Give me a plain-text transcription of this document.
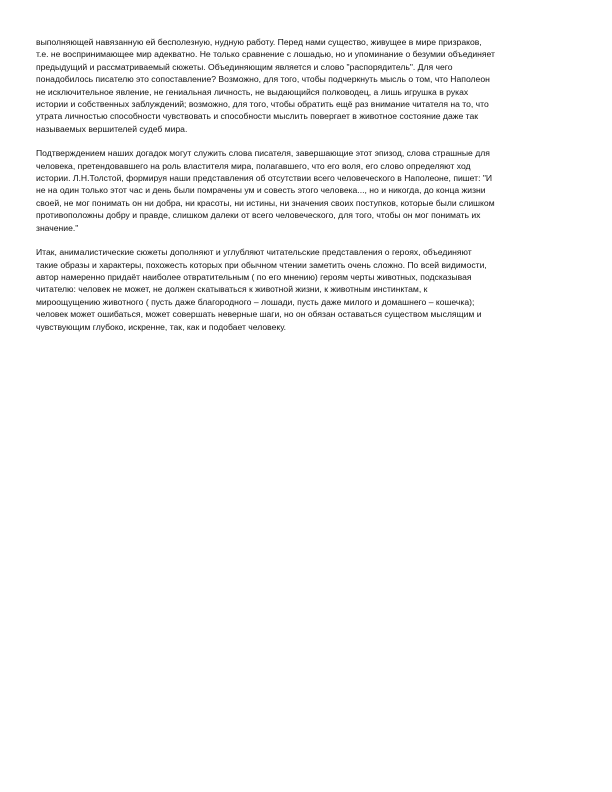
выполняющей навязанную ей бесполезную, нудную работу. Перед нами существо, живущее в мире призраков,
т.е. не воспринимающее мир адекватно. Не только сравнение с лошадью, но и упоминание о безумии объединяет
предыдущий и рассматриваемый сюжеты. Объединяющим является и слово "распорядитель". Для чего
понадобилось писателю это сопоставление? Возможно, для того, чтобы подчеркнуть мысль о том, что Наполеон
не исключительное явление, не гениальная личность, не выдающийся полководец, а лишь игрушка в руках
истории и собственных заблуждений; возможно, для того, чтобы обратить ещё раз внимание читателя на то, что
утрата личностью способности чувствовать и способности мыслить повергает в животное состояние даже так
называемых вершителей судеб мира.

Подтверждением наших догадок могут служить слова писателя, завершающие этот эпизод, слова страшные для
человека, претендовавшего на роль властителя мира, полагавшего, что его воля, его слово определяют ход
истории. Л.Н.Толстой, формируя наши представления об отсутствии всего человеческого в Наполеоне, пишет: "И
не на один только этот час и день были помрачены ум и совесть этого человека..., но и никогда, до конца жизни
своей, не мог понимать он ни добра, ни красоты, ни истины, ни значения своих поступков, которые были слишком
противоположны добру и правде, слишком далеки от всего человеческого, для того, чтобы он мог понимать их
значение."

Итак, анималистические сюжеты дополняют и углубляют читательские представления о героях, объединяют
такие образы и характеры, похожесть которых при обычном чтении заметить очень сложно. По всей видимости,
автор намеренно придаёт наиболее отвратительным ( по его мнению) героям черты животных, подсказывая
читателю: человек не может, не должен скатываться к животной жизни, к животным инстинктам, к
мироощущению животного ( пусть даже благородного – лошади, пусть даже милого и домашнего – кошечка);
человек может ошибаться, может совершать неверные шаги, но он обязан оставаться существом мыслящим и
чувствующим глубоко, искренне, так, как и подобает человеку.
